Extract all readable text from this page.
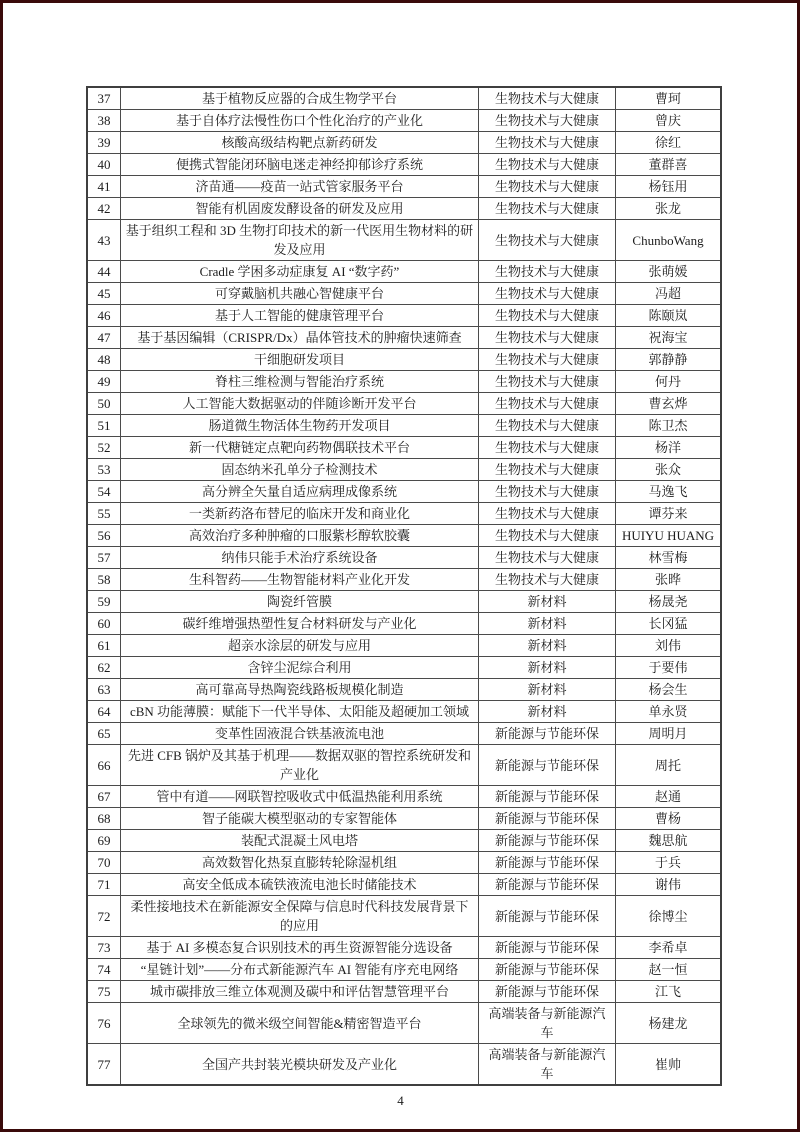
37	基于植物反应器的合成生物学平台	生物技术与大健康	曹珂
38	基于自体疗法慢性伤口个性化治疗的产业化	生物技术与大健康	曾庆
39	核酸高级结构靶点新药研发	生物技术与大健康	徐红
40	便携式智能闭环脑电迷走神经抑郁诊疗系统	生物技术与大健康	董群喜
41	济苗通——疫苗一站式管家服务平台	生物技术与大健康	杨钰用
42	智能有机固废发酵设备的研发及应用	生物技术与大健康	张龙
43	基于组织工程和 3D 生物打印技术的新一代医用生物材料的研发及应用	生物技术与大健康	ChunboWang
44	Cradle 学困多动症康复 AI “数字药”	生物技术与大健康	张萌媛
45	可穿戴脑机共融心智健康平台	生物技术与大健康	冯超
46	基于人工智能的健康管理平台	生物技术与大健康	陈颐岚
47	基于基因编辑（CRISPR/Dx）晶体管技术的肿瘤快速筛查	生物技术与大健康	祝海宝
48	干细胞研发项目	生物技术与大健康	郭静静
49	脊柱三维检测与智能治疗系统	生物技术与大健康	何丹
50	人工智能大数据驱动的伴随诊断开发平台	生物技术与大健康	曹玄烨
51	肠道微生物活体生物药开发项目	生物技术与大健康	陈卫杰
52	新一代糖链定点靶向药物偶联技术平台	生物技术与大健康	杨洋
53	固态纳米孔单分子检测技术	生物技术与大健康	张众
54	高分辨全矢量自适应病理成像系统	生物技术与大健康	马逸飞
55	一类新药洛布替尼的临床开发和商业化	生物技术与大健康	谭芬来
56	高效治疗多种肿瘤的口服紫杉醇软胶囊	生物技术与大健康	HUIYU HUANG
57	纳伟只能手术治疗系统设备	生物技术与大健康	林雪梅
58	生科智药——生物智能材料产业化开发	生物技术与大健康	张晔
59	陶瓷纤管膜	新材料	杨晟尧
60	碳纤维增强热塑性复合材料研发与产业化	新材料	长冈猛
61	超亲水涂层的研发与应用	新材料	刘伟
62	含锌尘泥综合利用	新材料	于要伟
63	高可靠高导热陶瓷线路板规模化制造	新材料	杨会生
64	cBN 功能薄膜：赋能下一代半导体、太阳能及超硬加工领域	新材料	单永贤
65	变革性固液混合铁基液流电池	新能源与节能环保	周明月
66	先进 CFB 锅炉及其基于机理——数据双驱的智控系统研发和产业化	新能源与节能环保	周托
67	管中有道——网联智控吸收式中低温热能利用系统	新能源与节能环保	赵通
68	智子能碳大模型驱动的专家智能体	新能源与节能环保	曹杨
69	装配式混凝土风电塔	新能源与节能环保	魏思航
70	高效数智化热泵直膨转轮除湿机组	新能源与节能环保	于兵
71	高安全低成本硫铁液流电池长时储能技术	新能源与节能环保	谢伟
72	柔性接地技术在新能源安全保障与信息时代科技发展背景下的应用	新能源与节能环保	徐博尘
73	基于 AI 多模态复合识别技术的再生资源智能分选设备	新能源与节能环保	李希卓
74	“星链计划”——分布式新能源汽车 AI 智能有序充电网络	新能源与节能环保	赵一恒
75	城市碳排放三维立体观测及碳中和评估智慧管理平台	新能源与节能环保	江飞
76	全球领先的微米级空间智能&精密智造平台	高端装备与新能源汽车	杨建龙
77	全国产共封装光模块研发及产业化	高端装备与新能源汽车	崔帅
4
